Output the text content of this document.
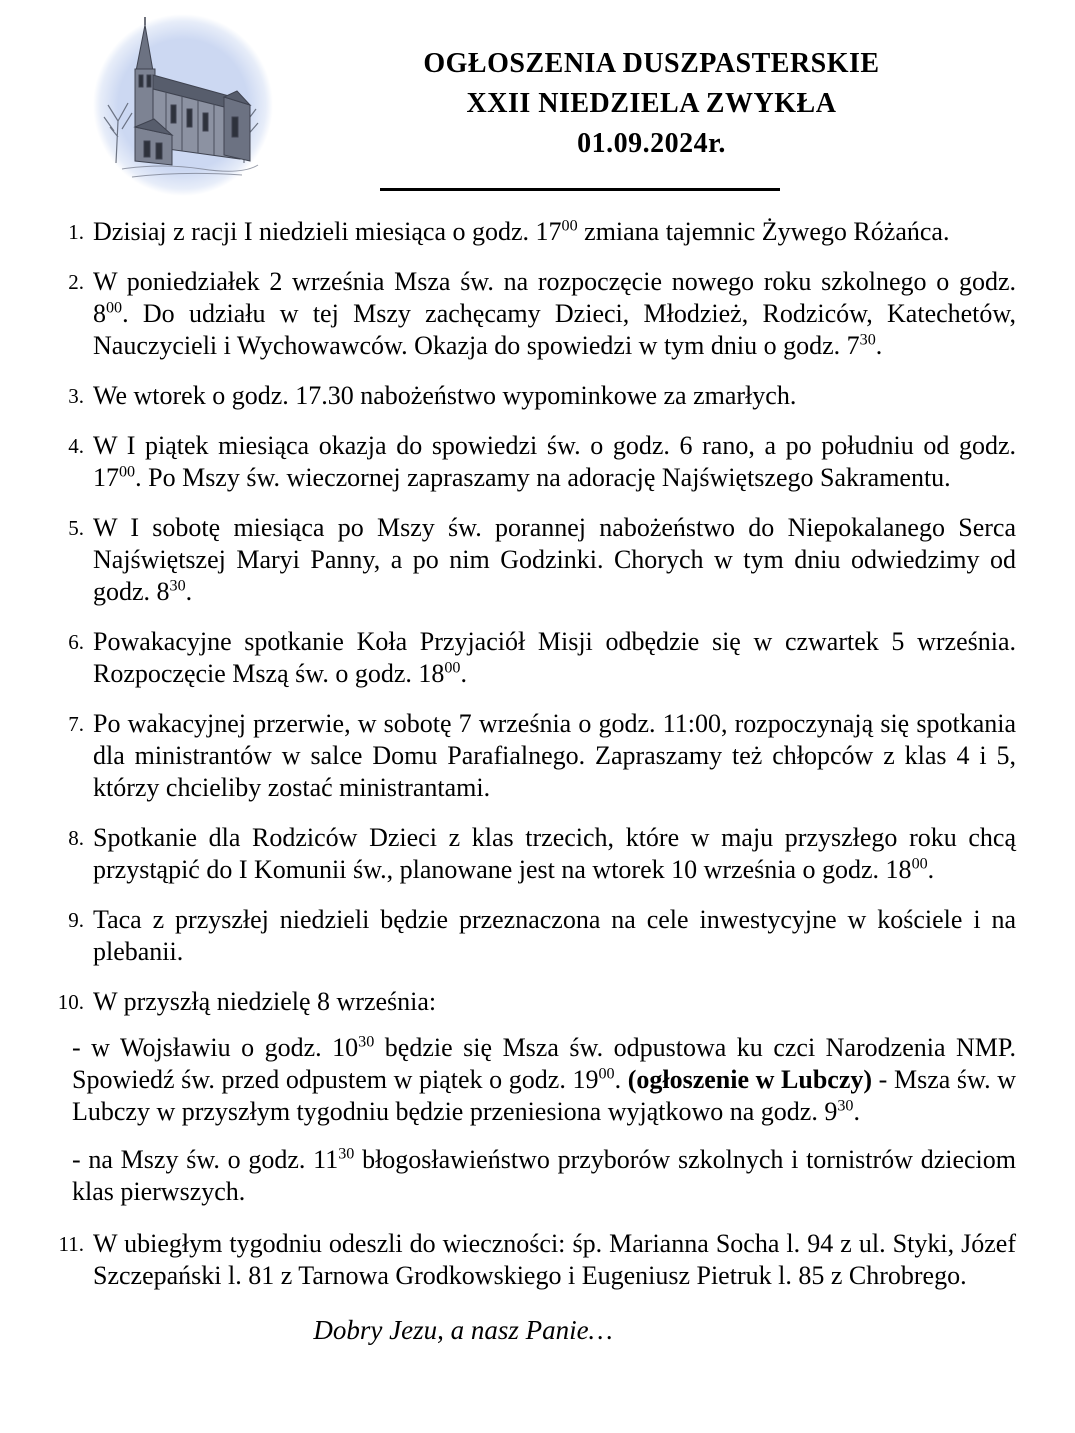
OGŁOSZENIA DUSZPASTERSKIE
XXII NIEDZIELA ZWYKŁA
01.09.2024r.
1. Dzisiaj z racji I niedzieli miesiąca o godz. $17^{00}$ zmiana tajemnic Żywego Różańca.

2. W poniedziałek 2 września Msza św. na rozpoczęcie nowego roku szkolnego o godz. $8^{00}$. Do udziału w tej Mszy zachęcamy Dzieci, Młodzież, Rodziców, Katechetów, Nauczycieli i Wychowawców. Okazja do spowiedzi w tym dniu o godz. $7^{30}$.

3. We wtorek o godz. 17.30 nabożeństwo wypominkowe za zmarłych.

4. W I piątek miesiąca okazja do spowiedzi św. o godz. 6 rano, a po południu od godz. $17^{00}$. Po Mszy św. wieczornej zapraszamy na adorację Najświętszego Sakramentu.

5. W I sobotę miesiąca po Mszy św. porannej nabożeństwo do Niepokalanego Serca Najświętszej Maryi Panny, a po nim Godzinki. Chorych w tym dniu odwiedzimy od godz. $8^{30}$.

6. Powakacyjne spotkanie Koła Przyjaciół Misji odbędzie się w czwartek 5 września. Rozpoczęcie Mszą św. o godz. $18^{00}$.

7. Po wakacyjnej przerwie, w sobotę 7 września o godz. 11:00, rozpoczynają się spotkania dla ministrantów w salce Domu Parafialnego. Zapraszamy też chłopców z klas 4 i 5, którzy chcieliby zostać ministrantami.

8. Spotkanie dla Rodziców Dzieci z klas trzecich, które w maju przyszłego roku chcą przystąpić do I Komunii św., planowane jest na wtorek 10 września o godz. $18^{00}$.

9. Taca z przyszłej niedzieli będzie przeznaczona na cele inwestycyjne w kościele i na plebanii.

10. W przyszłą niedzielę 8 września:

- w Wojsławiu o godz. $10^{30}$ będzie się Msza św. odpustowa ku czci Narodzenia NMP. Spowiedź św. przed odpustem w piątek o godz. $19^{00}$. (ogłoszenie w Lubczy) - Msza św. w Lubczy w przyszłym tygodniu będzie przeniesiona wyjątkowo na godz. $9^{30}$.

- na Mszy św. o godz. $11^{30}$ błogosławieństwo przyborów szkolnych i tornistrów dzieciom klas pierwszych.

11. W ubiegłym tygodniu odeszli do wieczności: śp. Marianna Socha l. 94 z ul. Styki, Józef Szczepański l. 81 z Tarnowa Grodkowskiego i Eugeniusz Pietruk l. 85 z Chrobrego.

Dobry Jezu, a nasz Panie…
